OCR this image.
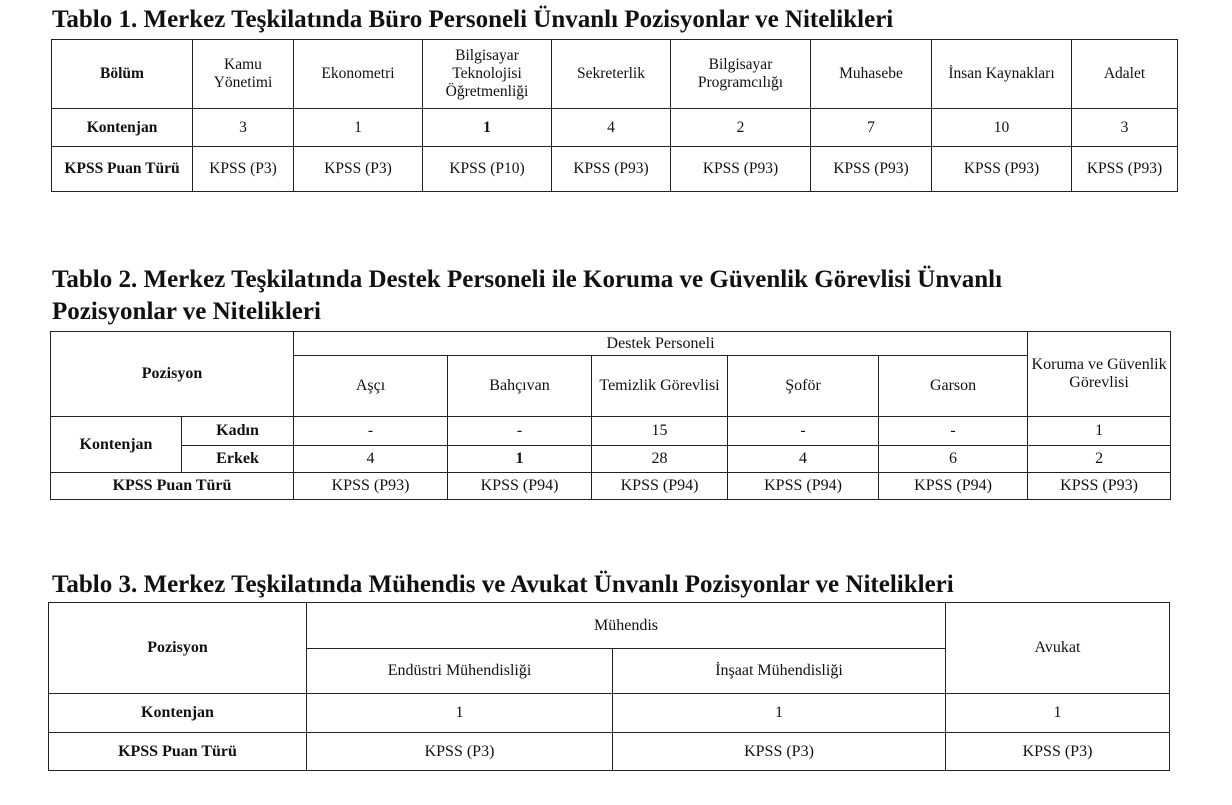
Tablo 1. Merkez Teşkilatında Büro Personeli Ünvanlı Pozisyonlar ve Nitelikleri
Bölüm	Kamu Yönetimi	Ekonometri	Bilgisayar Teknolojisi Öğretmenliği	Sekreterlik	Bilgisayar Programcılığı	Muhasebe	İnsan Kaynakları	Adalet
Kontenjan	3	1	1	4	2	7	10	3
KPSS Puan Türü	KPSS (P3)	KPSS (P3)	KPSS (P10)	KPSS (P93)	KPSS (P93)	KPSS (P93)	KPSS (P93)	KPSS (P93)
Tablo 2. Merkez Teşkilatında Destek Personeli ile Koruma ve Güvenlik Görevlisi Ünvanlı
Pozisyonlar ve Nitelikleri
Pozisyon		Destek Personeli					Koruma ve Güvenlik Görevlisi
		Aşçı	Bahçıvan	Temizlik Görevlisi	Şoför	Garson	
Kontenjan	Kadın	-	-	15	-	-	1
	Erkek	4	1	28	4	6	2
KPSS Puan Türü		KPSS (P93)	KPSS (P94)	KPSS (P94)	KPSS (P94)	KPSS (P94)	KPSS (P93)
Tablo 3. Merkez Teşkilatında Mühendis ve Avukat Ünvanlı Pozisyonlar ve Nitelikleri
Pozisyon	Mühendis		Avukat
	Endüstri Mühendisliği	İnşaat Mühendisliği	
Kontenjan	1	1	1
KPSS Puan Türü	KPSS (P3)	KPSS (P3)	KPSS (P3)
